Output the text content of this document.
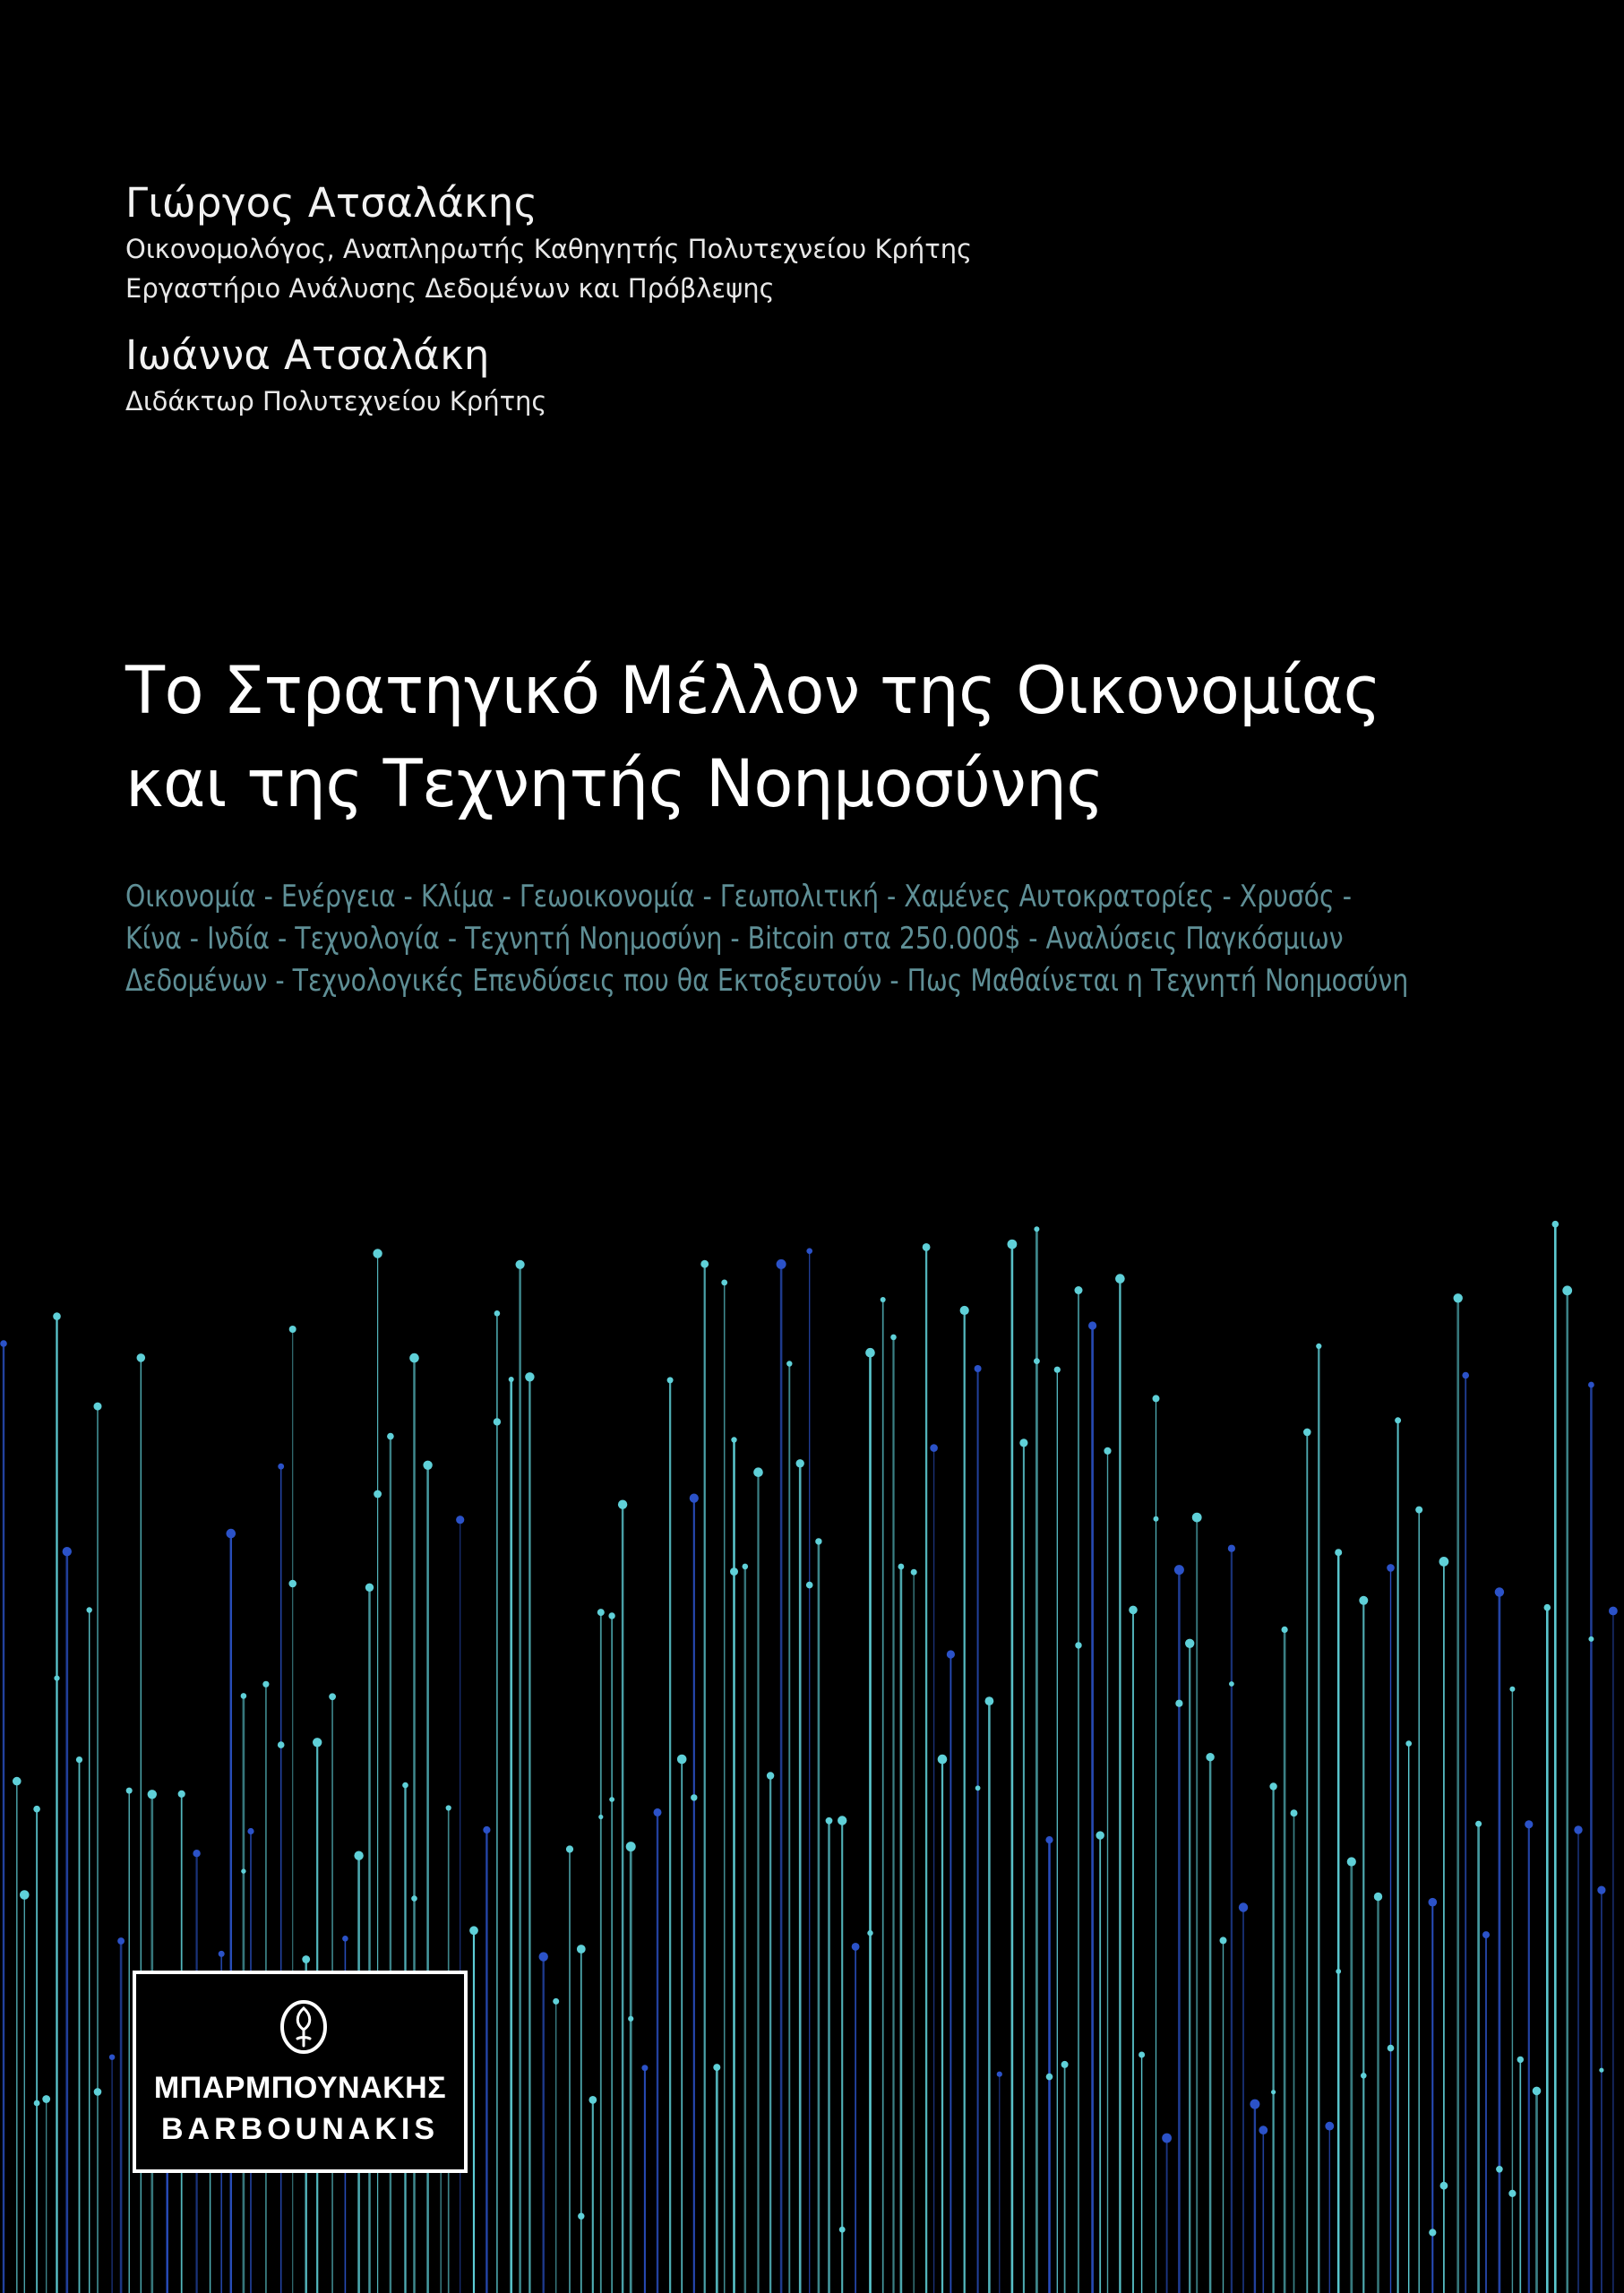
Γιώργος Ατσαλάκης

Οικονομολόγος, Αναπληρωτής Καθηγητής Πολυτεχνείου Κρήτης

Εργαστήριο Ανάλυσης Δεδομένων και Πρόβλεψης

Ιωάννα Ατσαλάκη

Διδάκτωρ Πολυτεχνείου Κρήτης

Το Στρατηγικό Μέλλον της Οικονομίας και της Τεχνητής Νοημοσύνης

Οικονομία - Ενέργεια - Κλίμα - Γεωοικονομία - Γεωπολιτική - Χαμένες Αυτοκρατορίες - Χρυσός -
Κίνα - Ινδία - Τεχνολογία - Τεχνητή Νοημοσύνη - Bitcoin στα 250.000$ - Αναλύσεις Παγκόσμιων
Δεδομένων - Τεχνολογικές Επενδύσεις που θα Εκτοξευτούν - Πως Μαθαίνεται η Τεχνητή Νοημοσύνη

ΜΠΑΡΜΠΟΥΝΑΚΗΣ
BARBOUNAKIS
